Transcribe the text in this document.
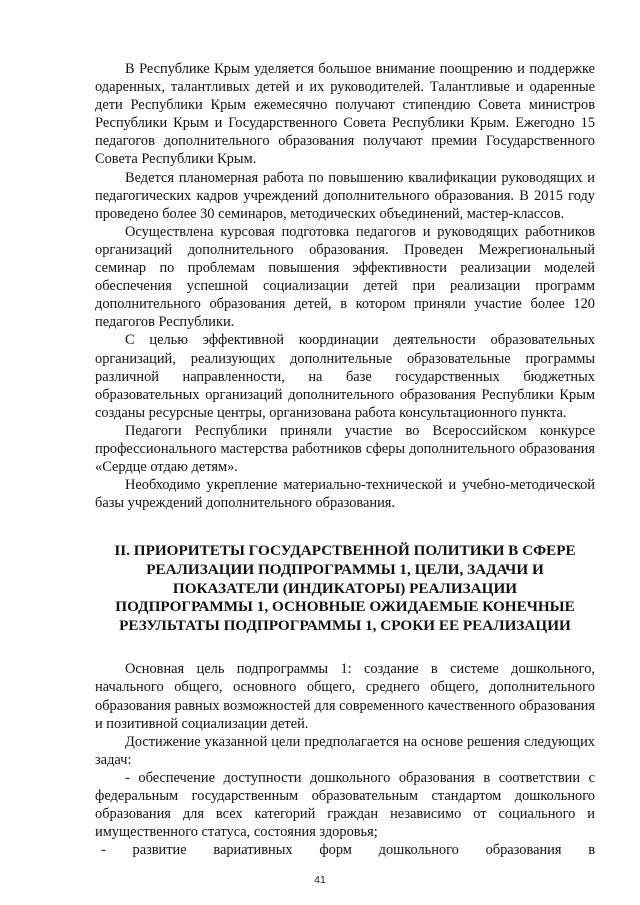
В Республике Крым уделяется большое внимание поощрению и поддержке одаренных, талантливых детей и их руководителей. Талантливые и одаренные дети Республики Крым ежемесячно получают стипендию Совета министров Республики Крым и Государственного Совета Республики Крым. Ежегодно 15 педагогов дополнительного образования получают премии Государственного Совета Республики Крым.

Ведется планомерная работа по повышению квалификации руководящих и педагогических кадров учреждений дополнительного образования. В 2015 году проведено более 30 семинаров, методических объединений, мастер-классов.

Осуществлена курсовая подготовка педагогов и руководящих работников организаций дополнительного образования. Проведен Межрегиональный семинар по проблемам повышения эффективности реализации моделей обеспечения успешной социализации детей при реализации программ дополнительного образования детей, в котором приняли участие более 120 педагогов Республики.

С целью эффективной координации деятельности образовательных организаций, реализующих дополнительные образовательные программы различной направленности, на базе государственных бюджетных образовательных организаций дополнительного образования Республики Крым созданы ресурсные центры, организована работа консультационного пункта.

Педагоги Республики приняли участие во Всероссийском конкурсе профессионального мастерства работников сферы дополнительного образования «Сердце отдаю детям».

Необходимо укрепление материально-технической и учебно-методической базы учреждений дополнительного образования.

II. ПРИОРИТЕТЫ ГОСУДАРСТВЕННОЙ ПОЛИТИКИ В СФЕРЕ
РЕАЛИЗАЦИИ ПОДПРОГРАММЫ 1, ЦЕЛИ, ЗАДАЧИ И
ПОКАЗАТЕЛИ (ИНДИКАТОРЫ) РЕАЛИЗАЦИИ
ПОДПРОГРАММЫ 1, ОСНОВНЫЕ ОЖИДАЕМЫЕ КОНЕЧНЫЕ
РЕЗУЛЬТАТЫ ПОДПРОГРАММЫ 1, СРОКИ ЕЕ РЕАЛИЗАЦИИ

Основная цель подпрограммы 1: создание в системе дошкольного, начального общего, основного общего, среднего общего, дополнительного образования равных возможностей для современного качественного образования и позитивной социализации детей.

Достижение указанной цели предполагается на основе решения следующих задач:

- обеспечение доступности дошкольного образования в соответствии с федеральным государственным образовательным стандартом дошкольного образования для всех категорий граждан независимо от социального и имущественного статуса, состояния здоровья;

- развитие вариативных форм дошкольного образования в
41
